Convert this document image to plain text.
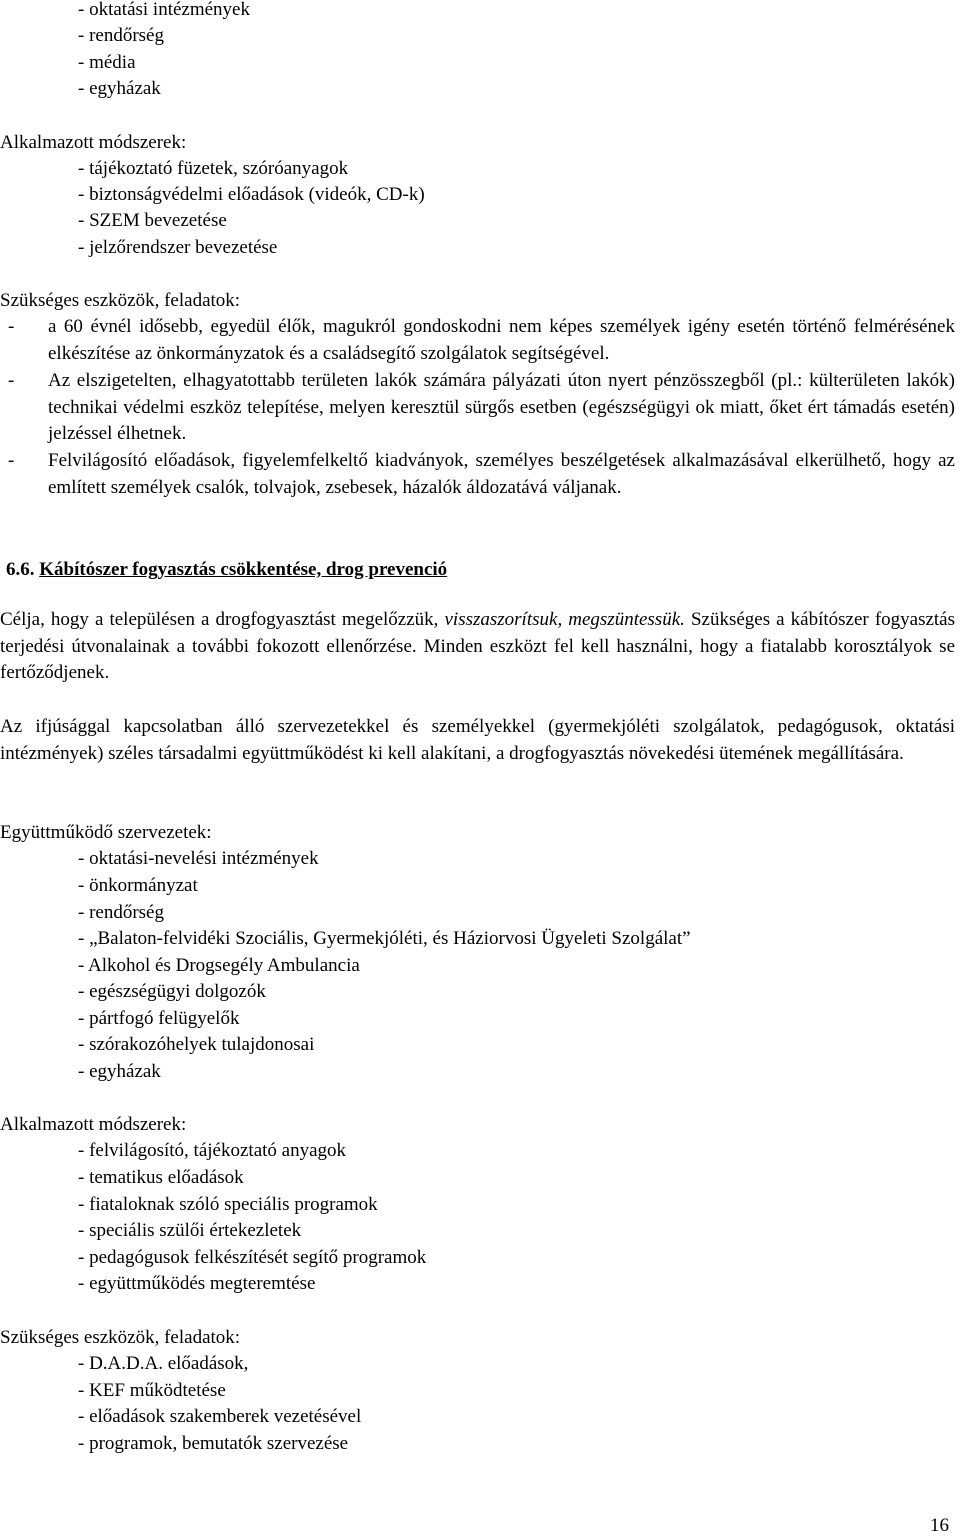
- oktatási intézmények
- rendőrség
- média
- egyházak
Alkalmazott módszerek:
- tájékoztató füzetek, szóróanyagok
- biztonságvédelmi előadások (videók, CD-k)
- SZEM bevezetése
- jelzőrendszer bevezetése
Szükséges eszközök, feladatok:
- a 60 évnél idősebb, egyedül élők, magukról gondoskodni nem képes személyek igény esetén történő felmérésének elkészítése az önkormányzatok és a családsegítő szolgálatok segítségével.
- Az elszigetelten, elhagyatottabb területen lakók számára pályázati úton nyert pénzösszegből (pl.: külterületen lakók) technikai védelmi eszköz telepítése, melyen keresztül sürgős esetben (egészségügyi ok miatt, őket ért támadás esetén) jelzéssel élhetnek.
- Felvilágosító előadások, figyelemfelkeltő kiadványok, személyes beszélgetések alkalmazásával elkerülhető, hogy az említett személyek csalók, tolvajok, zsebesek, házalók áldozatává váljanak.
6.6. Kábítószer fogyasztás csökkentése, drog prevenció
Célja, hogy a településen a drogfogyasztást megelőzzük, visszaszorítsuk, megszüntessük. Szükséges a kábítószer fogyasztás terjedési útvonalainak a további fokozott ellenőrzése. Minden eszközt fel kell használni, hogy a fiatalabb korosztályok se fertőződjenek.
Az ifjúsággal kapcsolatban álló szervezetekkel és személyekkel (gyermekjóléti szolgálatok, pedagógusok, oktatási intézmények) széles társadalmi együttműködést ki kell alakítani, a drogfogyasztás növekedési ütemének megállítására.
Együttműködő szervezetek:
- oktatási-nevelési intézmények
- önkormányzat
- rendőrség
- „Balaton-felvidéki Szociális, Gyermekjóléti, és Háziorvosi Ügyeleti Szolgálat”
- Alkohol és Drogsegély Ambulancia
- egészségügyi dolgozók
- pártfogó felügyelők
- szórakozóhelyek tulajdonosai
- egyházak
Alkalmazott módszerek:
- felvilágosító, tájékoztató anyagok
- tematikus előadások
- fiataloknak szóló speciális programok
- speciális szülői értekezletek
- pedagógusok felkészítését segítő programok
- együttműködés megteremtése
Szükséges eszközök, feladatok:
- D.A.D.A. előadások,
- KEF működtetése
- előadások szakemberek vezetésével
- programok, bemutatók szervezése
16
